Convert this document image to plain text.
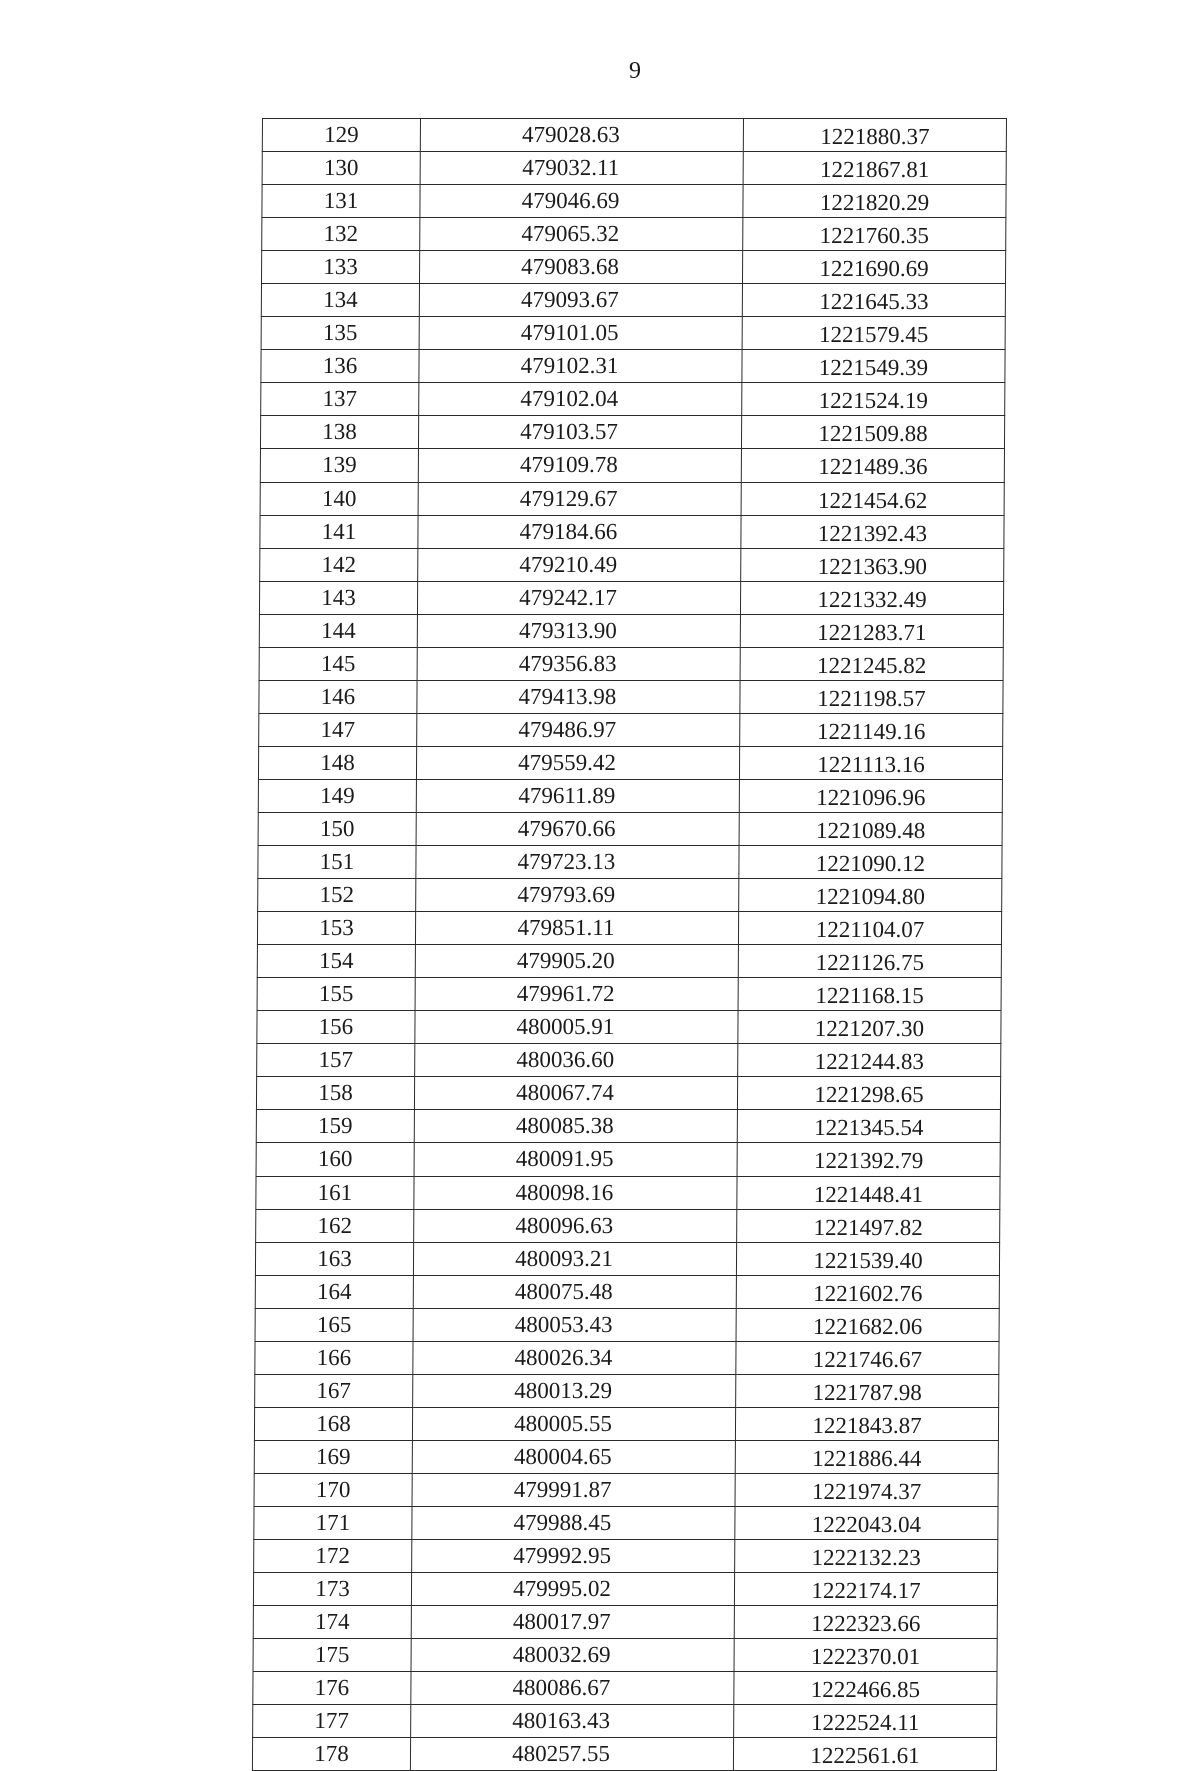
9
129	479028.63	1221880.37
130	479032.11	1221867.81
131	479046.69	1221820.29
132	479065.32	1221760.35
133	479083.68	1221690.69
134	479093.67	1221645.33
135	479101.05	1221579.45
136	479102.31	1221549.39
137	479102.04	1221524.19
138	479103.57	1221509.88
139	479109.78	1221489.36
140	479129.67	1221454.62
141	479184.66	1221392.43
142	479210.49	1221363.90
143	479242.17	1221332.49
144	479313.90	1221283.71
145	479356.83	1221245.82
146	479413.98	1221198.57
147	479486.97	1221149.16
148	479559.42	1221113.16
149	479611.89	1221096.96
150	479670.66	1221089.48
151	479723.13	1221090.12
152	479793.69	1221094.80
153	479851.11	1221104.07
154	479905.20	1221126.75
155	479961.72	1221168.15
156	480005.91	1221207.30
157	480036.60	1221244.83
158	480067.74	1221298.65
159	480085.38	1221345.54
160	480091.95	1221392.79
161	480098.16	1221448.41
162	480096.63	1221497.82
163	480093.21	1221539.40
164	480075.48	1221602.76
165	480053.43	1221682.06
166	480026.34	1221746.67
167	480013.29	1221787.98
168	480005.55	1221843.87
169	480004.65	1221886.44
170	479991.87	1221974.37
171	479988.45	1222043.04
172	479992.95	1222132.23
173	479995.02	1222174.17
174	480017.97	1222323.66
175	480032.69	1222370.01
176	480086.67	1222466.85
177	480163.43	1222524.11
178	480257.55	1222561.61
